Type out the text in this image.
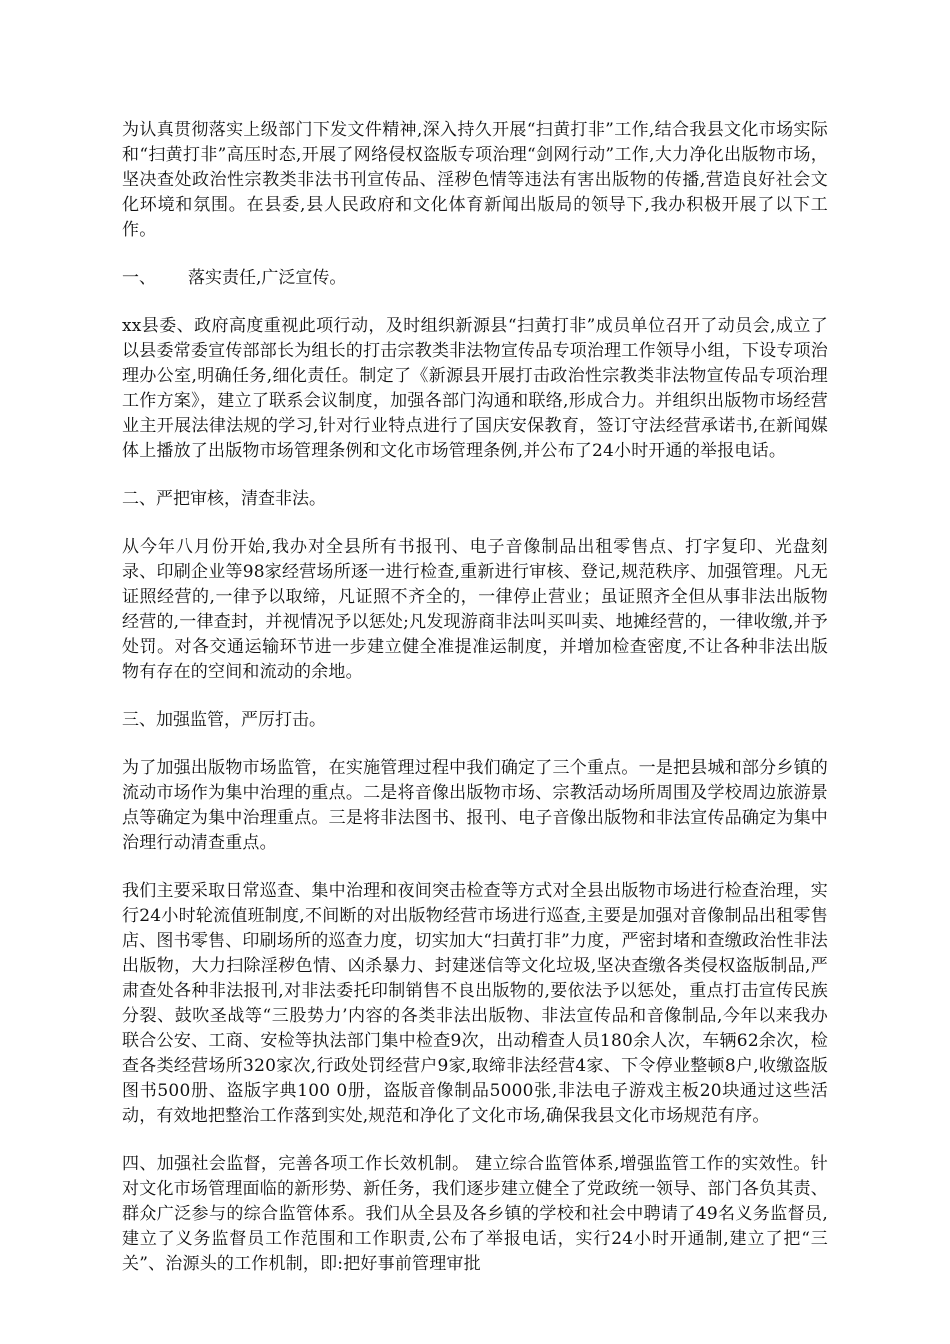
为认真贯彻落实上级部门下发文件精神,深入持久开展“扫黄打非”工作,结合我县文化市场实际和“扫黄打非”高压时态,开展了网络侵权盗版专项治理“剑网行动”工作,大力净化出版物市场，坚决查处政治性宗教类非法书刊宣传品、淫秽色情等违法有害出版物的传播,营造良好社会文化环境和氛围。在县委,县人民政府和文化体育新闻出版局的领导下,我办积极开展了以下工作。

一、 落实责任,广泛宣传。

xx县委、政府高度重视此项行动，及时组织新源县“扫黄打非”成员单位召开了动员会,成立了以县委常委宣传部部长为组长的打击宗教类非法物宣传品专项治理工作领导小组，下设专项治理办公室,明确任务,细化责任。制定了《新源县开展打击政治性宗教类非法物宣传品专项治理工作方案》，建立了联系会议制度，加强各部门沟通和联络,形成合力。并组织出版物市场经营业主开展法律法规的学习,针对行业特点进行了国庆安保教育，签订守法经营承诺书,在新闻媒体上播放了出版物市场管理条例和文化市场管理条例,并公布了24小时开通的举报电话。

二、严把审核，清查非法。

从今年八月份开始,我办对全县所有书报刊、电子音像制品出租零售点、打字复印、光盘刻录、印刷企业等98家经营场所逐一进行检查,重新进行审核、登记,规范秩序、加强管理。凡无证照经营的,一律予以取缔，凡证照不齐全的，一律停止营业；虽证照齐全但从事非法出版物经营的,一律查封，并视情况予以惩处;凡发现游商非法叫买叫卖、地摊经营的，一律收缴,并予处罚。对各交通运输环节进一步建立健全准提准运制度，并增加检查密度,不让各种非法出版物有存在的空间和流动的余地。

三、加强监管，严厉打击。

为了加强出版物市场监管，在实施管理过程中我们确定了三个重点。一是把县城和部分乡镇的流动市场作为集中治理的重点。二是将音像出版物市场、宗教活动场所周围及学校周边旅游景点等确定为集中治理重点。三是将非法图书、报刊、电子音像出版物和非法宣传品确定为集中治理行动清查重点。

我们主要采取日常巡查、集中治理和夜间突击检查等方式对全县出版物市场进行检查治理，实行24小时轮流值班制度,不间断的对出版物经营市场进行巡查,主要是加强对音像制品出租零售店、图书零售、印刷场所的巡查力度，切实加大“扫黄打非”力度，严密封堵和查缴政治性非法出版物，大力扫除淫秽色情、凶杀暴力、封建迷信等文化垃圾,坚决查缴各类侵权盗版制品,严肃查处各种非法报刊,对非法委托印制销售不良出版物的,要依法予以惩处，重点打击宣传民族分裂、鼓吹圣战等“三股势力’内容的各类非法出版物、非法宣传品和音像制品,今年以来我办联合公安、工商、安检等执法部门集中检查9次，出动稽查人员180余人次，车辆62余次，检查各类经营场所320家次,行政处罚经营户9家,取缔非法经营4家、下令停业整顿8户,收缴盗版图书500册、盗版字典100 0册，盗版音像制品5000张,非法电子游戏主板20块通过这些活动，有效地把整治工作落到实处,规范和净化了文化市场,确保我县文化市场规范有序。

四、加强社会监督，完善各项工作长效机制。 建立综合监管体系,增强监管工作的实效性。针对文化市场管理面临的新形势、新任务，我们逐步建立健全了党政统一领导、部门各负其责、群众广泛参与的综合监管体系。我们从全县及各乡镇的学校和社会中聘请了49名义务监督员,建立了义务监督员工作范围和工作职责,公布了举报电话，实行24小时开通制,建立了把“三关”、治源头的工作机制，即:把好事前管理审批
